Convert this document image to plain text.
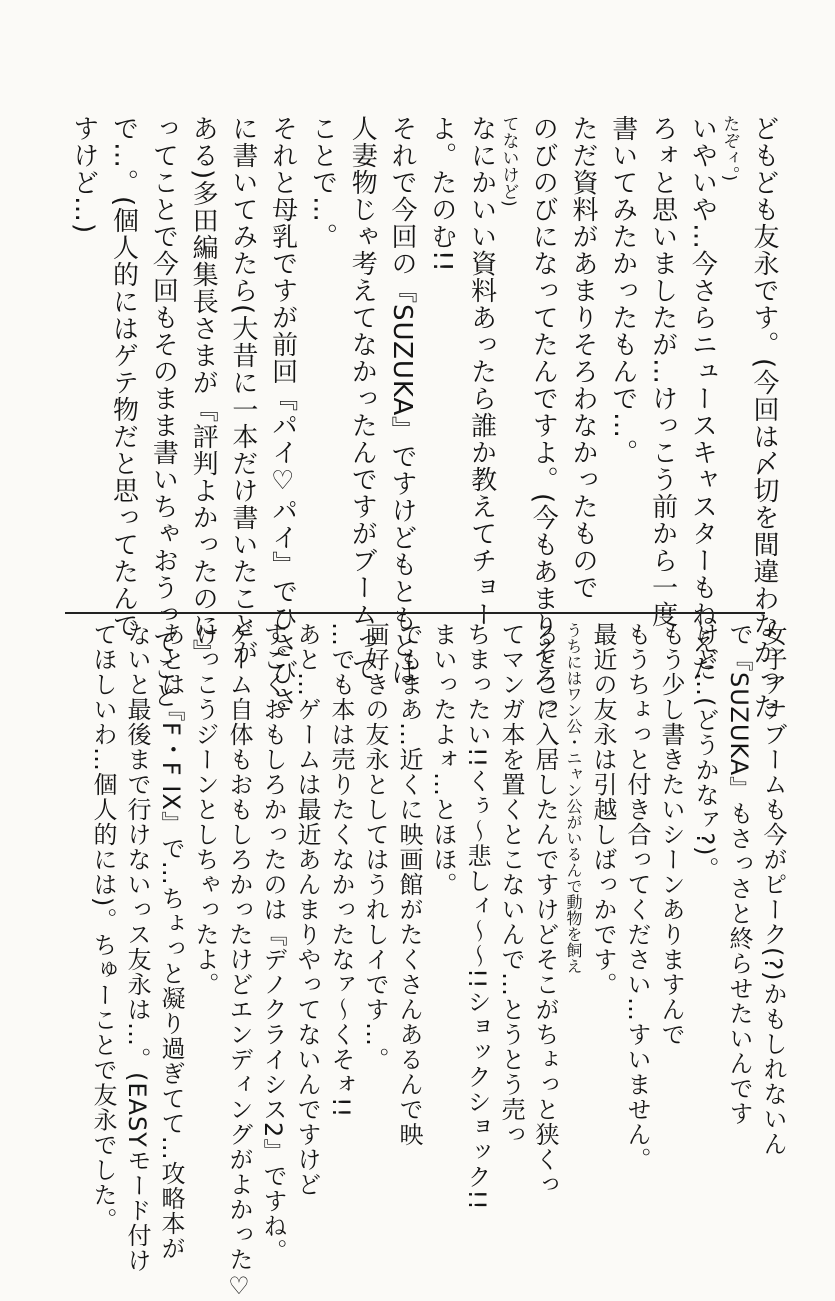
どもども友永です。(今回は〆切を間違わなかった

たぞィ。)

いやいや…今さらニュースキャスターもねえだ

ろォと思いましたが…けっこう前から一度

書いてみたかったもんで…。

ただ資料があまりそろわなかったもので

のびのびになってたんですよ。(今もあまりそろっ

てないけど)

なにかいい資料あったら誰か教えてチョー

よ。たのむ!!

それで今回の『SUZUKA』ですけどもともとは

人妻物じゃ考えてなかったんですがブームって

ことで…。

それと母乳ですが前回『パイ♡パイ』でひさびさ

に書いてみたら(大昔に一本だけ書いたことが

ある)多田編集長さまが『評判よかったのに』

ってことで今回もそのまま書いちゃおうってこと

で…。(個人的にはゲテ物だと思ってたんで

すけど…)

女子アナブームも今がピーク(?)かもしれないん

で『SUZUKA』もさっさと終らせたいんです

けど…(どうかなァ?)。

もう少し書きたいシーンありますんで

もうちょっと付き合ってください…すいません。

最近の友永は引越しばっかです。

うちにはワン公・ニャン公がいるんで動物を飼え

るとこに入居したんですけどそこがちょっと狭くっ

てマンガ本を置くとこないんで…とうとう売っ

ちまったい!!くぅ〜悲しィ〜〜!!ショックショック!!

まいったよォ…とほほ。

でもまあ…近くに映画館がたくさんあるんで映

画好きの友永としてはうれしイです…。

…でも本は売りたくなかったなァ〜くそォ!!

あと…ゲームは最近あんまりやってないんですけど

すごくおもしろかったのは『デノクライシス2』ですね。

ゲーム自体もおもしろかったけどエンディングがよかった♡

けっこうジーンとしちゃったよ。

あとは『F・F IX』で…ちょっと凝り過ぎてて…攻略本が

ないと最後まで行けないっス友永は…。(EASYモード付け

てほしいわ…個人的には)。ちゅーことで友永でした。
